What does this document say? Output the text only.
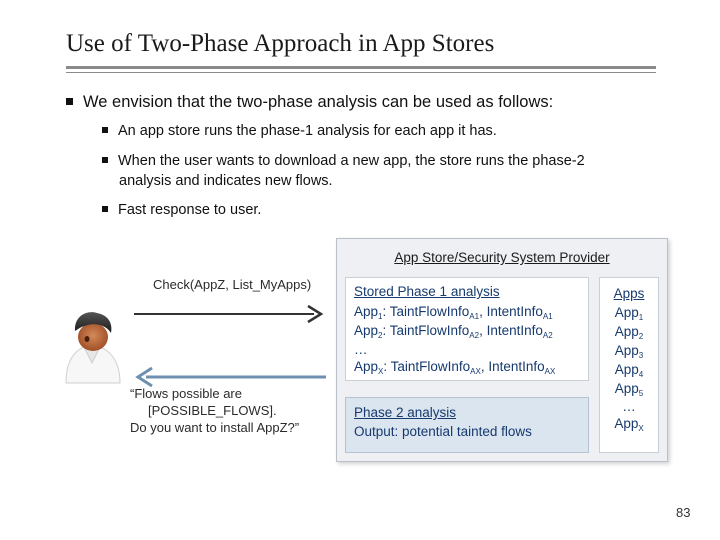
Use of Two-Phase Approach in App Stores
We envision that the two-phase analysis can be used as follows:
An app store runs the phase-1 analysis for each app it has.
When the user wants to download a new app, the store runs the phase-2
analysis and indicates new flows.
Fast response to user.
Check(AppZ, List_MyApps)
“Flows possible are
[POSSIBLE_FLOWS].
Do you want to install AppZ?”
App Store/Security System Provider
Stored Phase 1 analysis
App$_1$: TaintFlowInfo$_{A1}$, IntentInfo$_{A1}$
App$_2$: TaintFlowInfo$_{A2}$, IntentInfo$_{A2}$
…
App$_X$: TaintFlowInfo$_{AX}$, IntentInfo$_{AX}$
Phase 2 analysis
Output: potential tainted flows
Apps
App$_1$
App$_2$
App$_3$
App$_4$
App$_5$
…
App$_X$
83
